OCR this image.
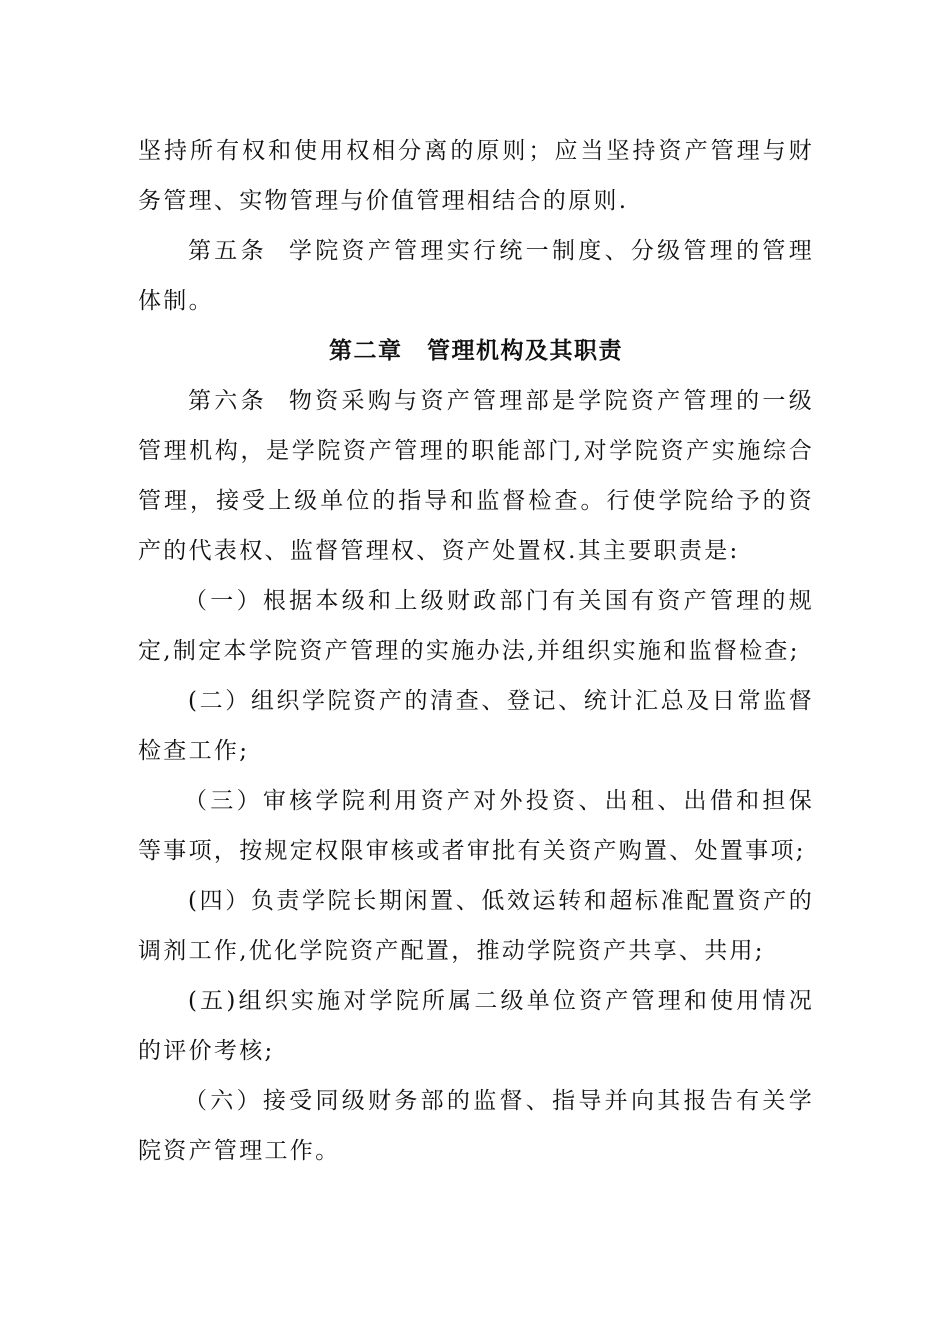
坚持所有权和使用权相分离的原则；应当坚持资产管理与财务管理、实物管理与价值管理相结合的原则.

第五条 学院资产管理实行统一制度、分级管理的管理体制。

第二章　管理机构及其职责

第六条 物资采购与资产管理部是学院资产管理的一级管理机构，是学院资产管理的职能部门,对学院资产实施综合管理，接受上级单位的指导和监督检查。行使学院给予的资产的代表权、监督管理权、资产处置权.其主要职责是:

（一）根据本级和上级财政部门有关国有资产管理的规定,制定本学院资产管理的实施办法,并组织实施和监督检查;

(二）组织学院资产的清查、登记、统计汇总及日常监督检查工作;

（三）审核学院利用资产对外投资、出租、出借和担保等事项，按规定权限审核或者审批有关资产购置、处置事项;

(四）负责学院长期闲置、低效运转和超标准配置资产的调剂工作,优化学院资产配置，推动学院资产共享、共用;

(五)组织实施对学院所属二级单位资产管理和使用情况的评价考核;

（六）接受同级财务部的监督、指导并向其报告有关学院资产管理工作。
